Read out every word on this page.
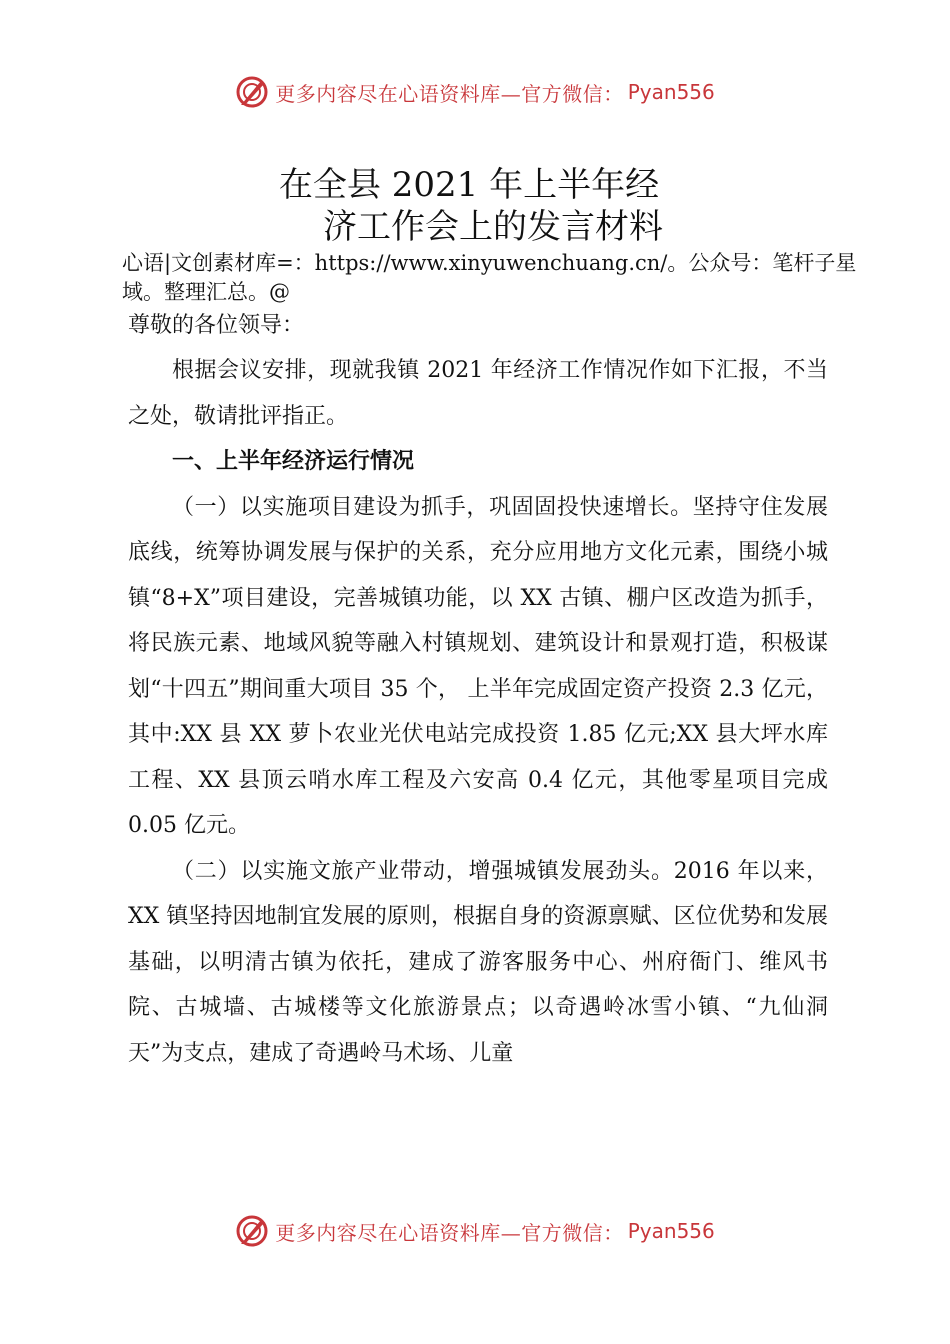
更多内容尽在心语资料库—官方微信： Pyan556
在全县 2021 年上半年经
济工作会上的发言材料
心语|文创素材库=：https://www.xinyuwenchuang.cn/。公众号：笔杆子星域。整理汇总。@
尊敬的各位领导：

根据会议安排，现就我镇 2021 年经济工作情况作如下汇报，不当之处，敬请批评指正。

一、上半年经济运行情况

（一）以实施项目建设为抓手，巩固固投快速增长。坚持守住发展底线，统筹协调发展与保护的关系，充分应用地方文化元素，围绕小城镇“8+X”项目建设，完善城镇功能，以 XX 古镇、棚户区改造为抓手，将民族元素、地域风貌等融入村镇规划、建筑设计和景观打造，积极谋划“十四五”期间重大项目 35 个， 上半年完成固定资产投资 2.3 亿元，其中:XX 县 XX 萝卜农业光伏电站完成投资 1.85 亿元;XX 县大坪水库工程、XX 县顶云哨水库工程及六安高 0.4 亿元，其他零星项目完成 0.05 亿元。

（二）以实施文旅产业带动，增强城镇发展劲头。2016 年以来，XX 镇坚持因地制宜发展的原则，根据自身的资源禀赋、区位优势和发展基础，以明清古镇为依托，建成了游客服务中心、州府衙门、维风书院、古城墙、古城楼等文化旅游景点；以奇遇岭冰雪小镇、“九仙洞天”为支点，建成了奇遇岭马术场、儿童

更多内容尽在心语资料库—官方微信： Pyan556
